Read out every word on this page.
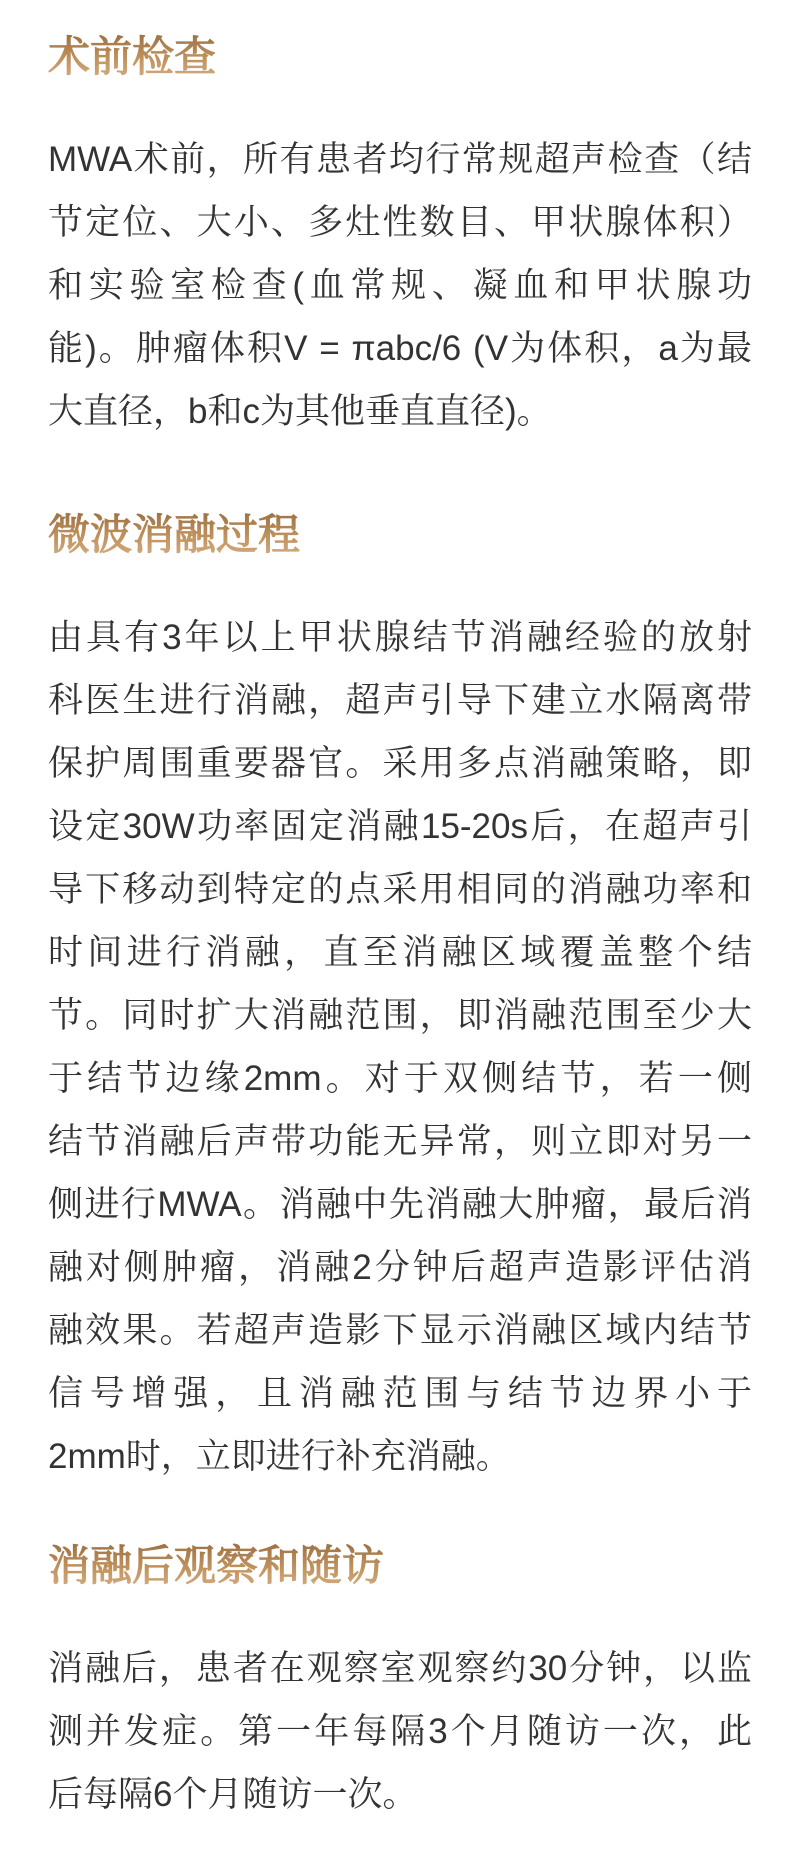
术前检查
MWA术前，所有患者均行常规超声检查（结
节定位、大小、多灶性数目、甲状腺体积）
和实验室检查(血常规、凝血和甲状腺功
能)。肿瘤体积V = πabc/6 (V为体积，a为最
大直径，b和c为其他垂直直径)。
微波消融过程
由具有3年以上甲状腺结节消融经验的放射
科医生进行消融，超声引导下建立水隔离带
保护周围重要器官。采用多点消融策略，即
设定30W功率固定消融15-20s后，在超声引
导下移动到特定的点采用相同的消融功率和
时间进行消融，直至消融区域覆盖整个结
节。同时扩大消融范围，即消融范围至少大
于结节边缘2mm。对于双侧结节，若一侧
结节消融后声带功能无异常，则立即对另一
侧进行MWA。消融中先消融大肿瘤，最后消
融对侧肿瘤，消融2分钟后超声造影评估消
融效果。若超声造影下显示消融区域内结节
信号增强，且消融范围与结节边界小于
2mm时，立即进行补充消融。
消融后观察和随访
消融后，患者在观察室观察约30分钟，以监
测并发症。第一年每隔3个月随访一次，此
后每隔6个月随访一次。
